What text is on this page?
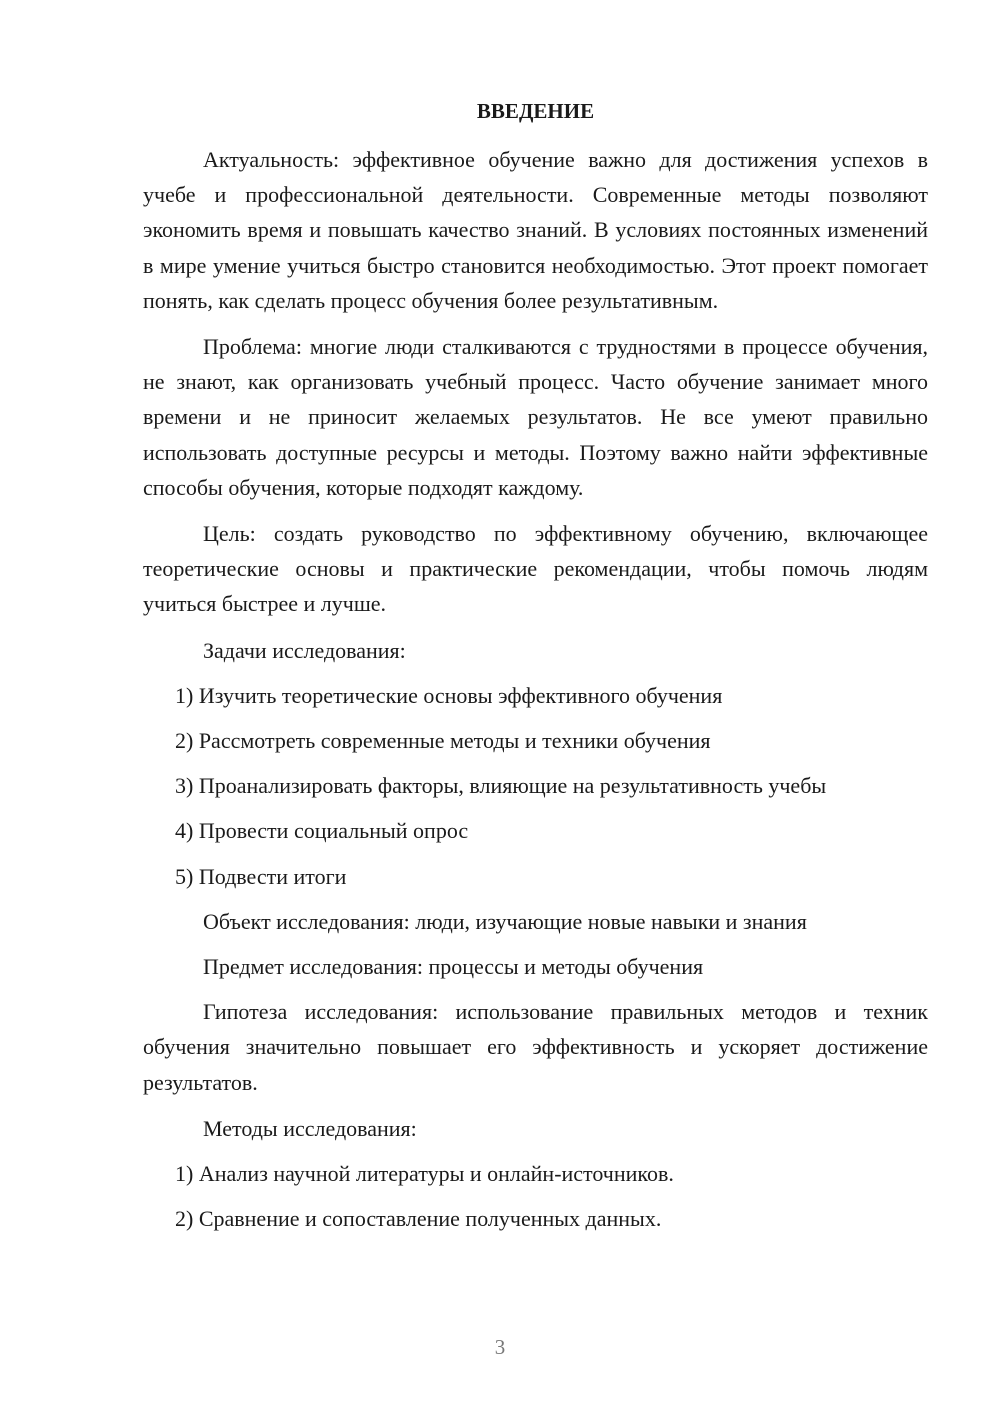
ВВЕДЕНИЕ

Актуальность: эффективное обучение важно для достижения успехов в учебе и профессиональной деятельности. Современные методы позволяют экономить время и повышать качество знаний. В условиях постоянных изменений в мире умение учиться быстро становится необходимостью. Этот проект помогает понять, как сделать процесс обучения более результативным.

Проблема: многие люди сталкиваются с трудностями в процессе обучения, не знают, как организовать учебный процесс. Часто обучение занимает много времени и не приносит желаемых результатов. Не все умеют правильно использовать доступные ресурсы и методы. Поэтому важно найти эффективные способы обучения, которые подходят каждому.

Цель: создать руководство по эффективному обучению, включающее теоретические основы и практические рекомендации, чтобы помочь людям учиться быстрее и лучше.

Задачи исследования:

1) Изучить теоретические основы эффективного обучения
2) Рассмотреть современные методы и техники обучения
3) Проанализировать факторы, влияющие на результативность учебы
4) Провести социальный опрос
5) Подвести итоги

Объект исследования: люди, изучающие новые навыки и знания

Предмет исследования: процессы и методы обучения

Гипотеза исследования: использование правильных методов и техник обучения значительно повышает его эффективность и ускоряет достижение результатов.

Методы исследования:

1) Анализ научной литературы и онлайн-источников.
2) Сравнение и сопоставление полученных данных.
3
